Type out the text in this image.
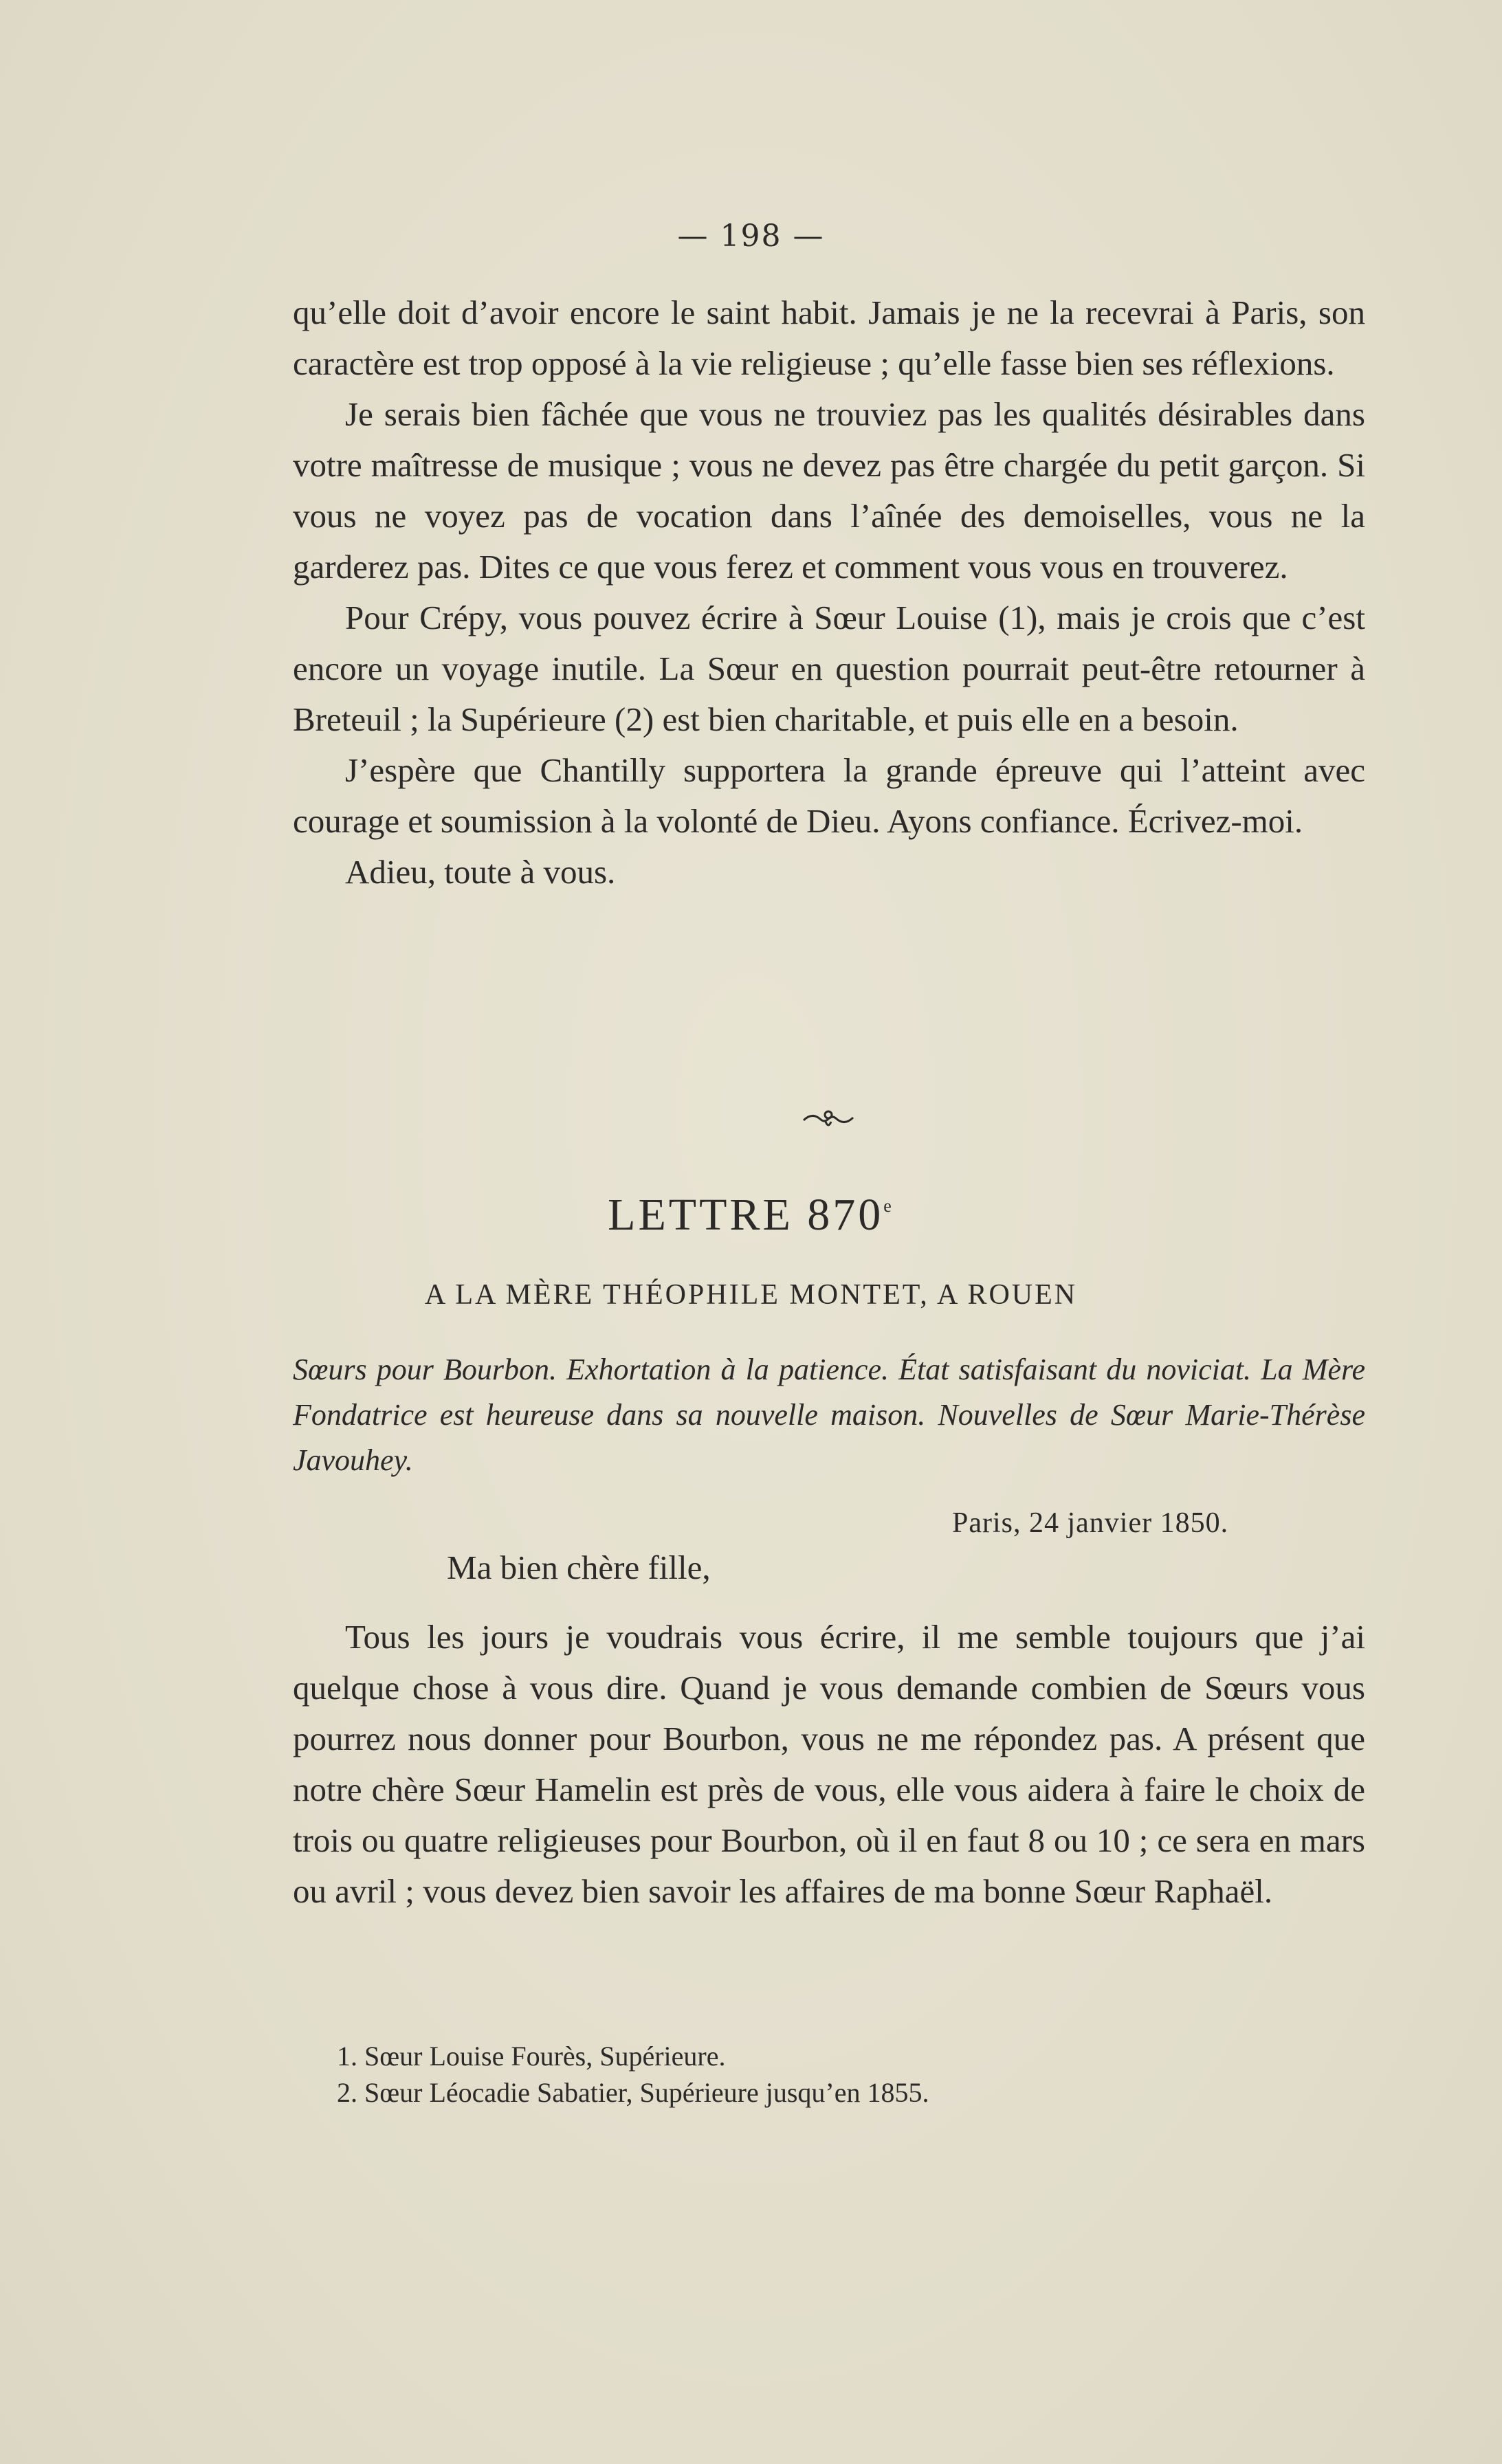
— 198 —

qu’elle doit d’avoir encore le saint habit. Jamais je ne la recevrai à Paris, son caractère est trop opposé à la vie religieuse ; qu’elle fasse bien ses réflexions.

Je serais bien fâchée que vous ne trouviez pas les qualités désirables dans votre maîtresse de musique ; vous ne devez pas être chargée du petit garçon. Si vous ne voyez pas de vocation dans l’aînée des demoiselles, vous ne la garderez pas. Dites ce que vous ferez et comment vous vous en trouverez.

Pour Crépy, vous pouvez écrire à Sœur Louise (1), mais je crois que c’est encore un voyage inutile. La Sœur en question pourrait peut-être retourner à Breteuil ; la Supérieure (2) est bien charitable, et puis elle en a besoin.

J’espère que Chantilly supportera la grande épreuve qui l’atteint avec courage et soumission à la volonté de Dieu. Ayons confiance. Écrivez-moi.

Adieu, toute à vous.

LETTRE 870e
A LA MÈRE THÉOPHILE MONTET, A ROUEN

Sœurs pour Bourbon. Exhortation à la patience. État satisfaisant du noviciat. La Mère Fondatrice est heureuse dans sa nouvelle maison. Nouvelles de Sœur Marie-Thérèse Javouhey.

Paris, 24 janvier 1850.
Ma bien chère fille,

Tous les jours je voudrais vous écrire, il me semble toujours que j’ai quelque chose à vous dire. Quand je vous demande combien de Sœurs vous pourrez nous donner pour Bourbon, vous ne me répondez pas. A présent que notre chère Sœur Hamelin est près de vous, elle vous aidera à faire le choix de trois ou quatre religieuses pour Bourbon, où il en faut 8 ou 10 ; ce sera en mars ou avril ; vous devez bien savoir les affaires de ma bonne Sœur Raphaël.

1. Sœur Louise Fourès, Supérieure.

2. Sœur Léocadie Sabatier, Supérieure jusqu’en 1855.
